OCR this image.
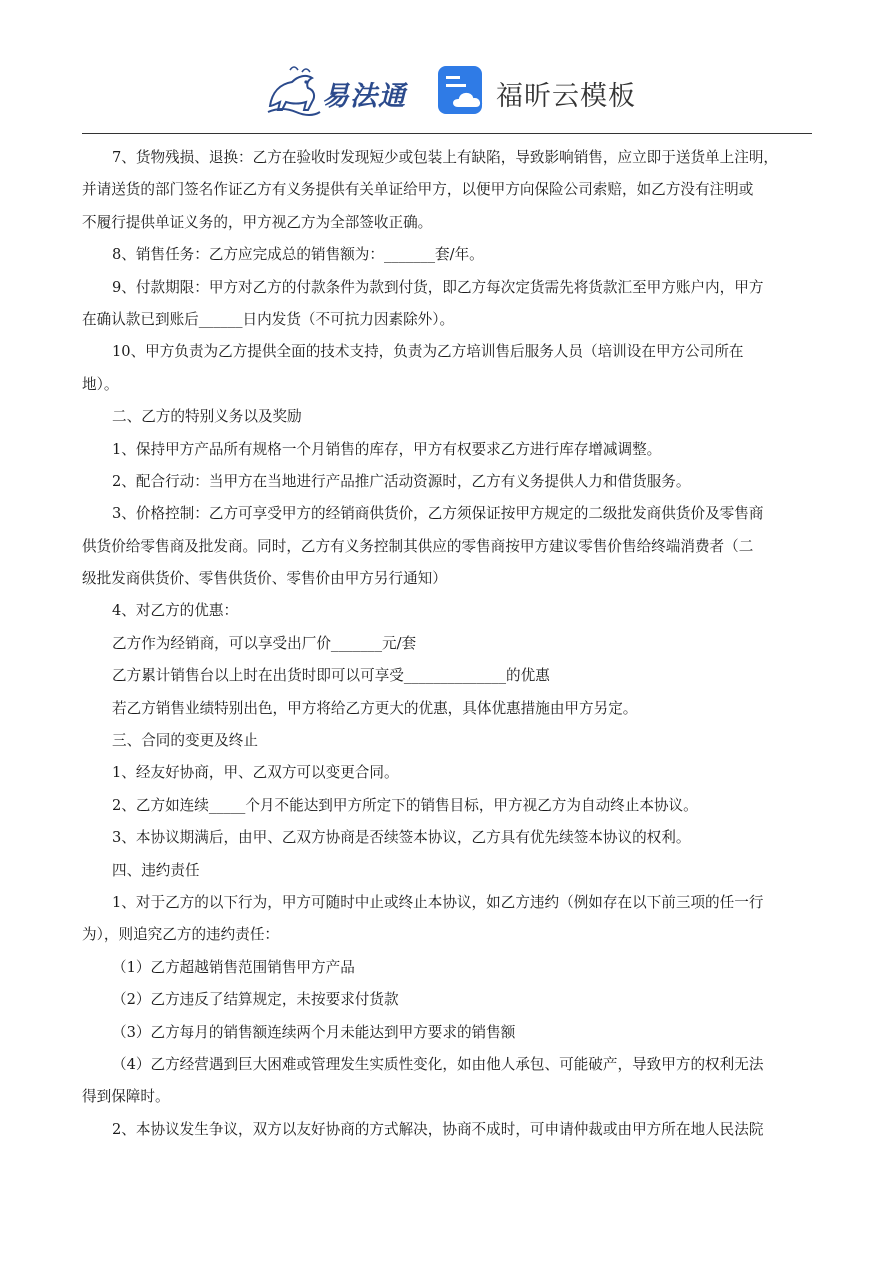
易法通	福昕云模板
7、货物残损、退换：乙方在验收时发现短少或包装上有缺陷，导致影响销售，应立即于送货单上注明，
并请送货的部门签名作证乙方有义务提供有关单证给甲方，以便甲方向保险公司索赔，如乙方没有注明或
不履行提供单证义务的，甲方视乙方为全部签收正确。
8、销售任务：乙方应完成总的销售额为：_______套/年。
9、付款期限：甲方对乙方的付款条件为款到付货，即乙方每次定货需先将货款汇至甲方账户内，甲方
在确认款已到账后______日内发货（不可抗力因素除外）。
10、甲方负责为乙方提供全面的技术支持，负责为乙方培训售后服务人员（培训设在甲方公司所在
地）。
二、乙方的特别义务以及奖励
1、保持甲方产品所有规格一个月销售的库存，甲方有权要求乙方进行库存增减调整。
2、配合行动：当甲方在当地进行产品推广活动资源时，乙方有义务提供人力和借货服务。
3、价格控制：乙方可享受甲方的经销商供货价，乙方须保证按甲方规定的二级批发商供货价及零售商
供货价给零售商及批发商。同时，乙方有义务控制其供应的零售商按甲方建议零售价售给终端消费者（二
级批发商供货价、零售供货价、零售价由甲方另行通知）
4、对乙方的优惠：
乙方作为经销商，可以享受出厂价_______元/套
乙方累计销售台以上时在出货时即可以可享受______________的优惠
若乙方销售业绩特别出色，甲方将给乙方更大的优惠，具体优惠措施由甲方另定。
三、合同的变更及终止
1、经友好协商，甲、乙双方可以变更合同。
2、乙方如连续_____个月不能达到甲方所定下的销售目标，甲方视乙方为自动终止本协议。
3、本协议期满后，由甲、乙双方协商是否续签本协议，乙方具有优先续签本协议的权利。
四、违约责任
1、对于乙方的以下行为，甲方可随时中止或终止本协议，如乙方违约（例如存在以下前三项的任一行
为），则追究乙方的违约责任：
（1）乙方超越销售范围销售甲方产品
（2）乙方违反了结算规定，未按要求付货款
（3）乙方每月的销售额连续两个月未能达到甲方要求的销售额
（4）乙方经营遇到巨大困难或管理发生实质性变化，如由他人承包、可能破产，导致甲方的权利无法
得到保障时。
2、本协议发生争议，双方以友好协商的方式解决，协商不成时，可申请仲裁或由甲方所在地人民法院
